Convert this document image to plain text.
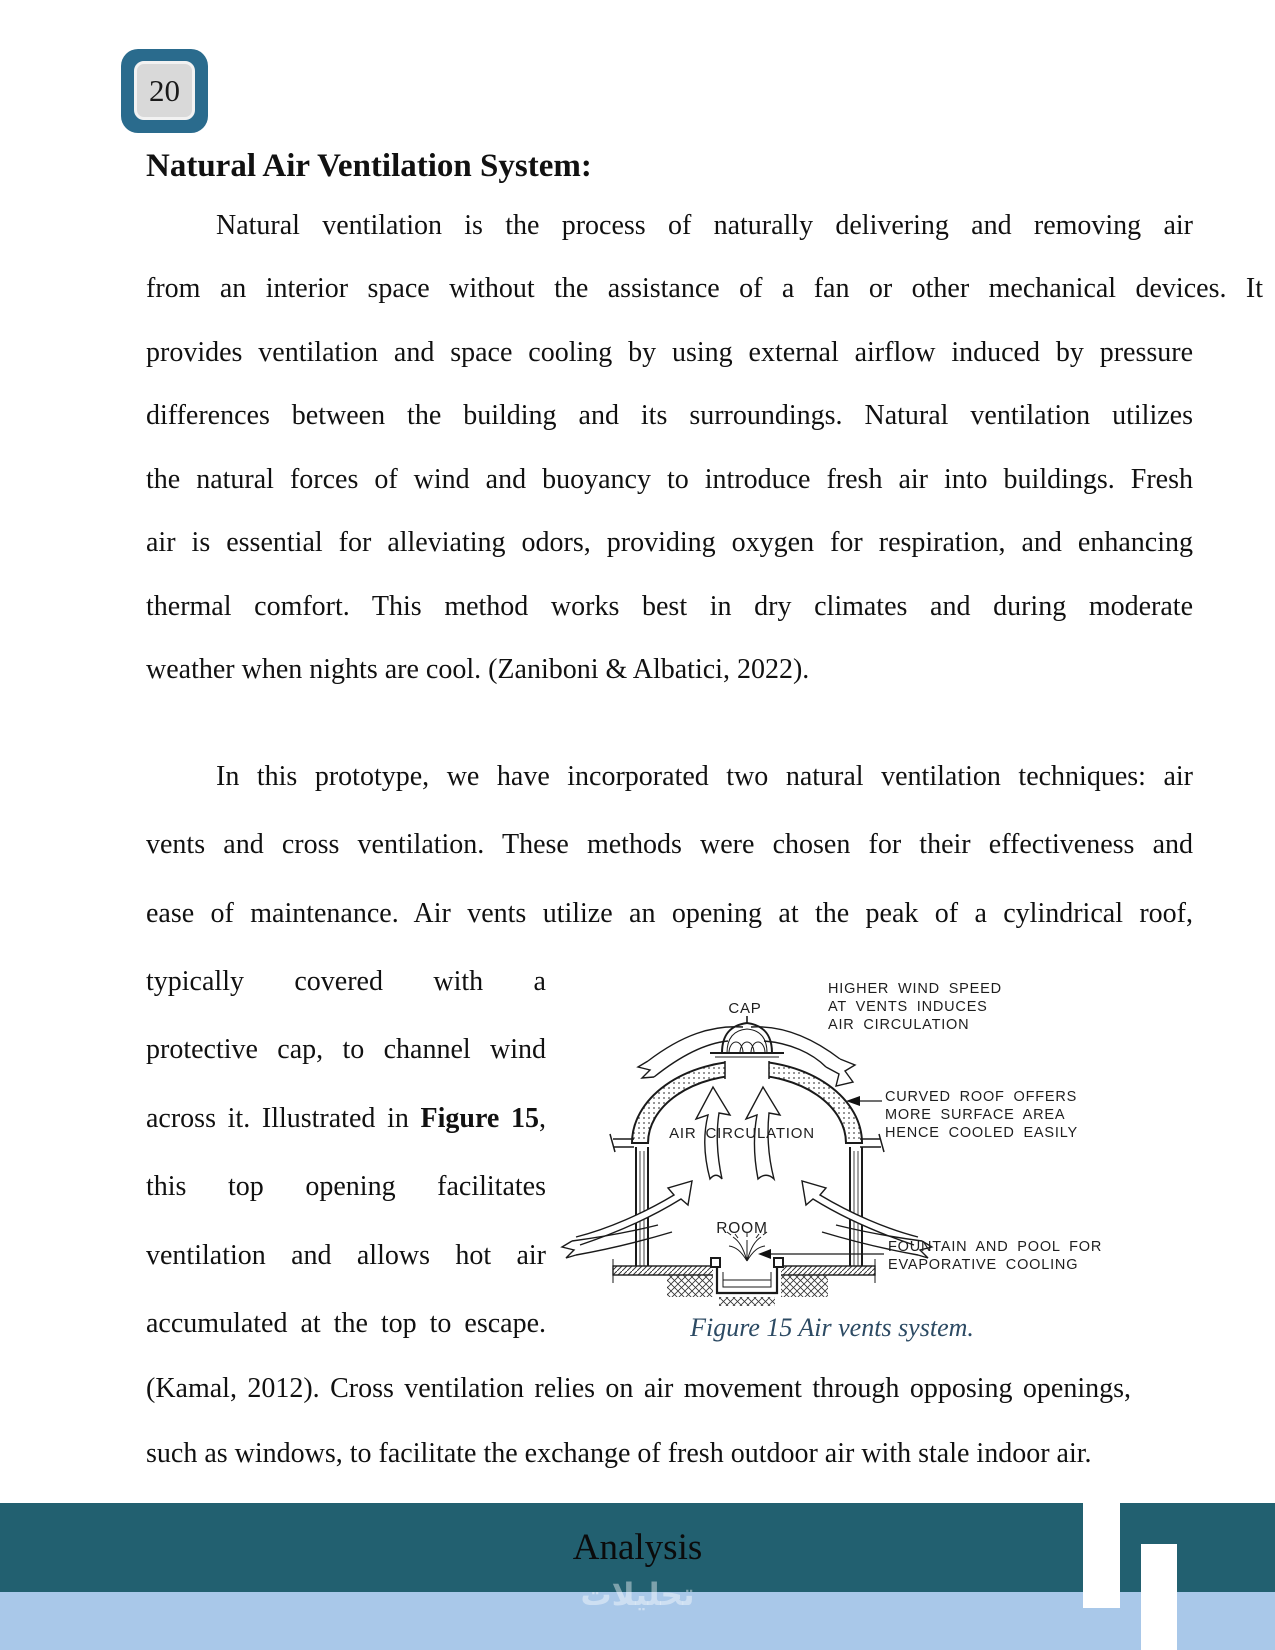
20
Natural Air Ventilation System:
Natural ventilation is the process of naturally delivering and removing air
from an interior space without the assistance of a fan or other mechanical devices. It
provides ventilation and space cooling by using external airflow induced by pressure
differences between the building and its surroundings. Natural ventilation utilizes
the natural forces of wind and buoyancy to introduce fresh air into buildings. Fresh
air is essential for alleviating odors, providing oxygen for respiration, and enhancing
thermal comfort. This method works best in dry climates and during moderate
weather when nights are cool. (Zaniboni & Albatici, 2022).
In this prototype, we have incorporated two natural ventilation techniques: air
vents and cross ventilation. These methods were chosen for their effectiveness and
ease of maintenance. Air vents utilize an opening at the peak of a cylindrical roof,
typically covered with a
protective cap, to channel wind
across it. Illustrated in Figure 15,
this top opening facilitates
ventilation and allows hot air
accumulated at the top to escape.
(Kamal, 2012). Cross ventilation relies on air movement through opposing openings,
such as windows, to facilitate the exchange of fresh outdoor air with stale indoor air.
CAP
HIGHER WIND SPEED
AT VENTS INDUCES
AIR CIRCULATION
CURVED ROOF OFFERS
MORE SURFACE AREA
HENCE COOLED EASILY
AIR CIRCULATION
ROOM
FOUNTAIN AND POOL FOR
EVAPORATIVE COOLING
Figure 15 Air vents system.
Analysis
تحليلات
